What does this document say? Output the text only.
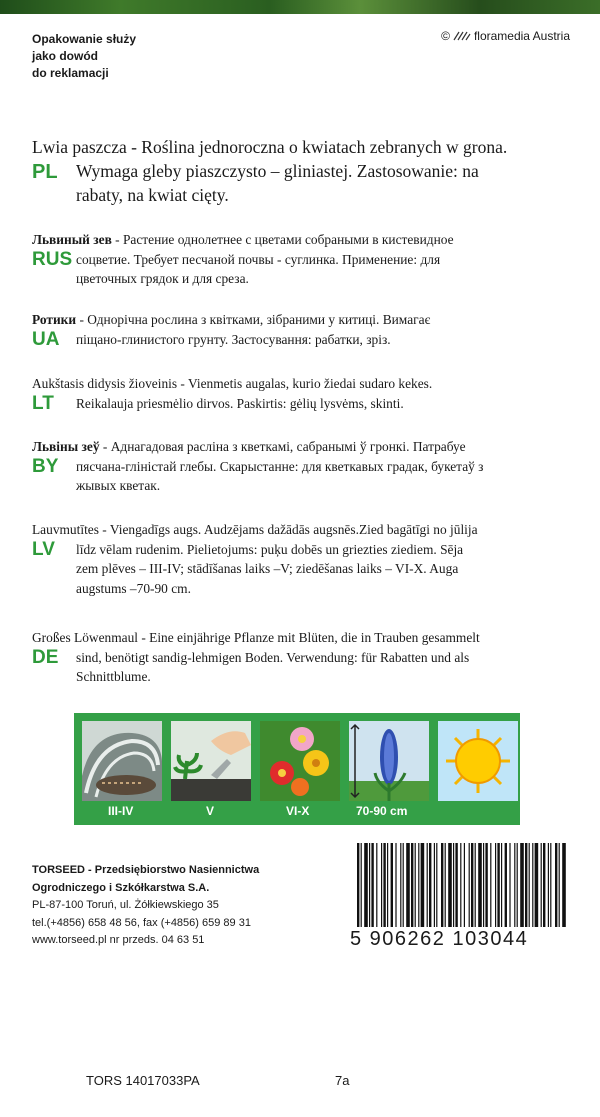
Opakowanie służy
jako dowód
do reklamacji
© floramedia Austria
PL

Lwia paszcza - Roślina jednoroczna o kwiatach zebranych w grona.

Wymaga gleby piaszczysto – gliniastej. Zastosowanie: na

rabaty, na kwiat cięty.

RUS

Львиный зев - Растение однолетнее с цветами собраными в кистевидное

соцветие. Требует песчаной почвы - суглинка. Применение: для

цветочных грядок и для среза.

UA

Ротики - Однорічна рослина з квітками, зібраними у китиці. Вимагає

піщано-глинистого грунту. Застосування: рабатки, зріз.

LT

Aukštasis didysis žioveinis - Vienmetis augalas, kurio žiedai sudaro kekes.

Reikalauja priesmėlio dirvos. Paskirtis: gėlių lysvėms, skinti.

BY

Львіны зеў - Аднагадовая расліна з кветкамі, сабранымі ў гронкі. Патрабуе

пясчана-глiністай глебы. Скарыстанне: для кветкавых градак, букетаў з

жывых кветак.

LV

Lauvmutītes - Viengadīgs augs. Audzējams dažādās augsnēs.Zied bagātīgi no jūlija

līdz vēlam rudenim. Pielietojums: puķu dobēs un griezties ziediem. Sēja

zem plēves – III-IV; stādīšanas laiks –V; ziedēšanas laiks – VI-X. Auga

augstums –70-90 cm.

DE

Großes Löwenmaul - Eine einjährige Pflanze mit Blüten, die in Trauben gesammelt

sind, benötigt sandig-lehmigen Boden. Verwendung: für Rabatten und als

Schnittblume.

III-IV	V	VI-X	70-90 cm
TORSEED - Przedsiębiorstwo Nasiennictwa
Ogrodniczego i Szkółkarstwa S.A.
PL-87-100 Toruń, ul. Żółkiewskiego 35
tel.(+4856) 658 48 56, fax (+4856) 659 89 31
www.torseed.pl nr przeds. 04 63 51	5 906262 103044
TORS 14017033PA	7a
